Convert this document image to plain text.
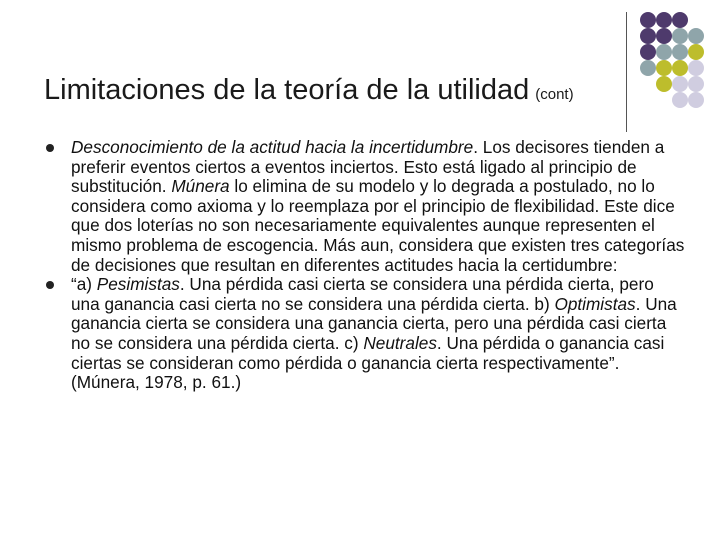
Limitaciones de la teoría de la utilidad (cont)
Desconocimiento de la actitud hacia la incertidumbre. Los decisores tienden a preferir eventos ciertos a eventos inciertos. Esto está ligado al principio de substitución. Múnera lo elimina de su modelo y lo degrada a postulado, no lo considera como axioma y lo reemplaza por el principio de flexibilidad. Este dice que dos loterías no son necesariamente equivalentes aunque representen el mismo problema de escogencia. Más aun, considera que existen tres categorías de decisiones que resultan en diferentes actitudes hacia la certidumbre:
“a) Pesimistas. Una pérdida casi cierta se considera una pérdida cierta, pero una ganancia casi cierta no se considera una pérdida cierta. b) Optimistas. Una ganancia cierta se considera una ganancia cierta, pero una pérdida casi cierta no se considera una pérdida cierta. c) Neutrales. Una pérdida o ganancia casi ciertas se consideran como pérdida o ganancia cierta respectivamente”. (Múnera, 1978, p. 61.)
